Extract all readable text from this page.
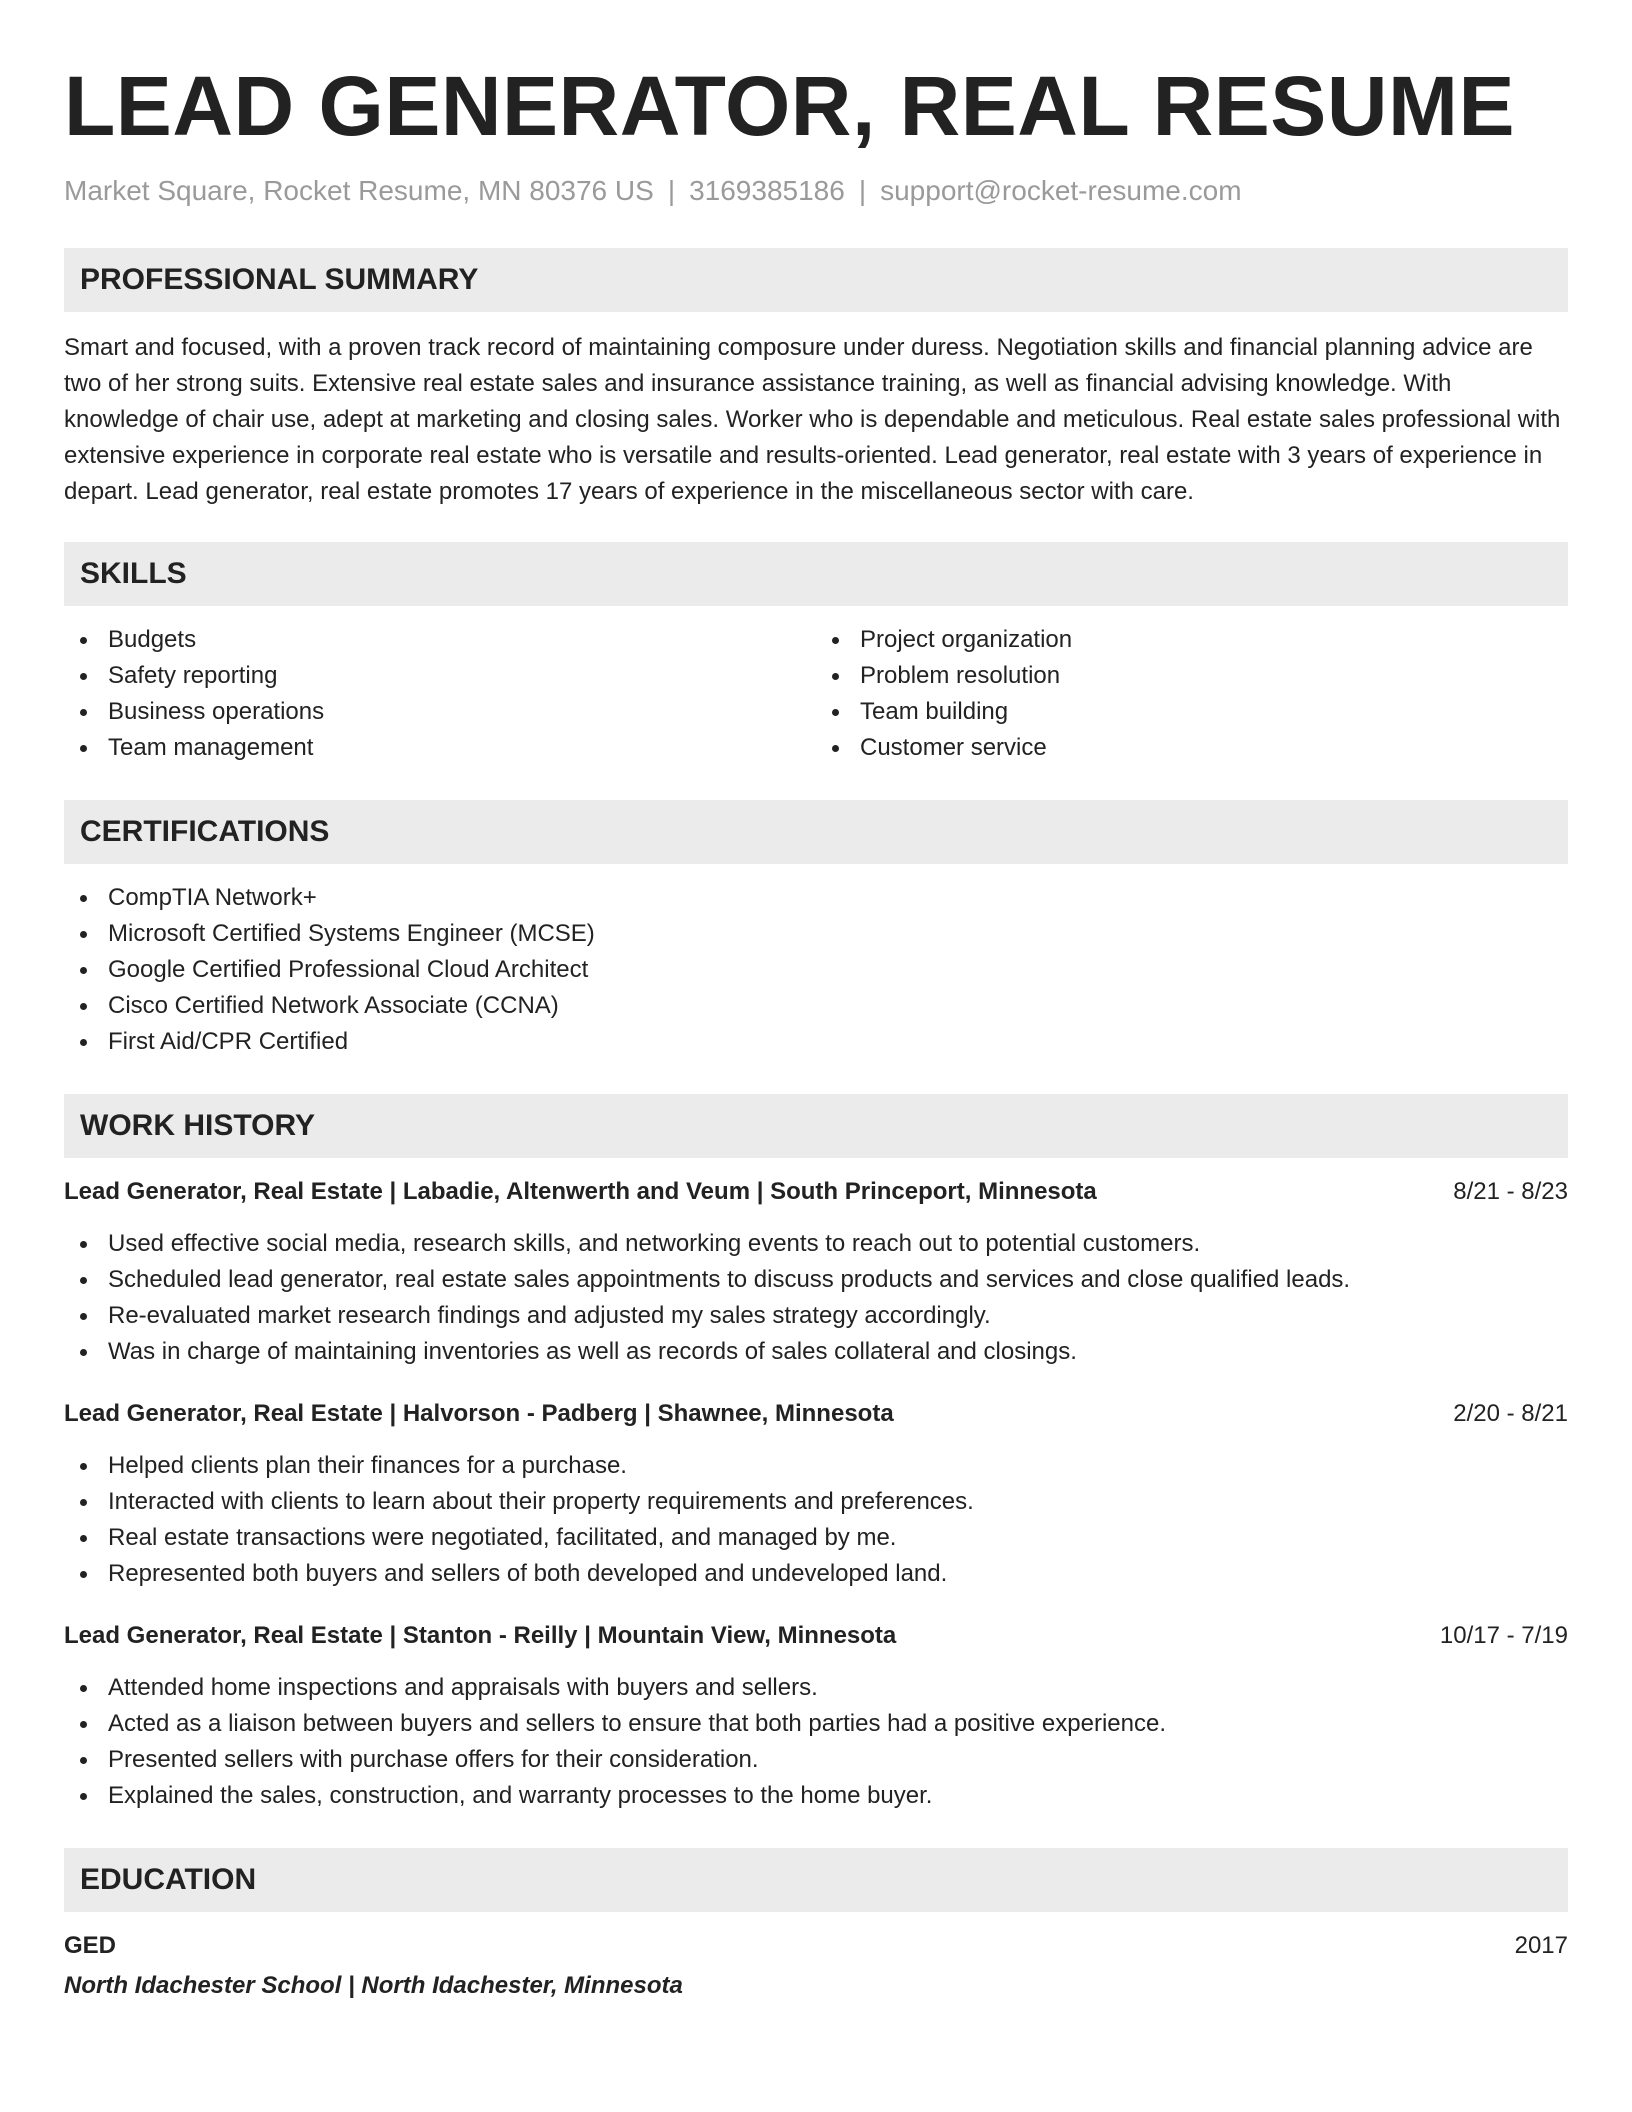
LEAD GENERATOR, REAL RESUME
Market Square, Rocket Resume, MN 80376 US | 3169385186 | support@rocket-resume.com
PROFESSIONAL SUMMARY

Smart and focused, with a proven track record of maintaining composure under duress. Negotiation skills and financial planning advice are two of her strong suits. Extensive real estate sales and insurance assistance training, as well as financial advising knowledge. With knowledge of chair use, adept at marketing and closing sales. Worker who is dependable and meticulous. Real estate sales professional with extensive experience in corporate real estate who is versatile and results-oriented. Lead generator, real estate with 3 years of experience in depart. Lead generator, real estate promotes 17 years of experience in the miscellaneous sector with care.

SKILLS
Budgets
Safety reporting
Business operations
Team management
Project organization
Problem resolution
Team building
Customer service
CERTIFICATIONS
CompTIA Network+
Microsoft Certified Systems Engineer (MCSE)
Google Certified Professional Cloud Architect
Cisco Certified Network Associate (CCNA)
First Aid/CPR Certified
WORK HISTORY
Lead Generator, Real Estate | Labadie, Altenwerth and Veum | South Princeport, Minnesota	8/21 - 8/23
Used effective social media, research skills, and networking events to reach out to potential customers.
Scheduled lead generator, real estate sales appointments to discuss products and services and close qualified leads.
Re-evaluated market research findings and adjusted my sales strategy accordingly.
Was in charge of maintaining inventories as well as records of sales collateral and closings.
Lead Generator, Real Estate | Halvorson - Padberg | Shawnee, Minnesota	2/20 - 8/21
Helped clients plan their finances for a purchase.
Interacted with clients to learn about their property requirements and preferences.
Real estate transactions were negotiated, facilitated, and managed by me.
Represented both buyers and sellers of both developed and undeveloped land.
Lead Generator, Real Estate | Stanton - Reilly | Mountain View, Minnesota	10/17 - 7/19
Attended home inspections and appraisals with buyers and sellers.
Acted as a liaison between buyers and sellers to ensure that both parties had a positive experience.
Presented sellers with purchase offers for their consideration.
Explained the sales, construction, and warranty processes to the home buyer.
EDUCATION
GED	2017
North Idachester School | North Idachester, Minnesota
